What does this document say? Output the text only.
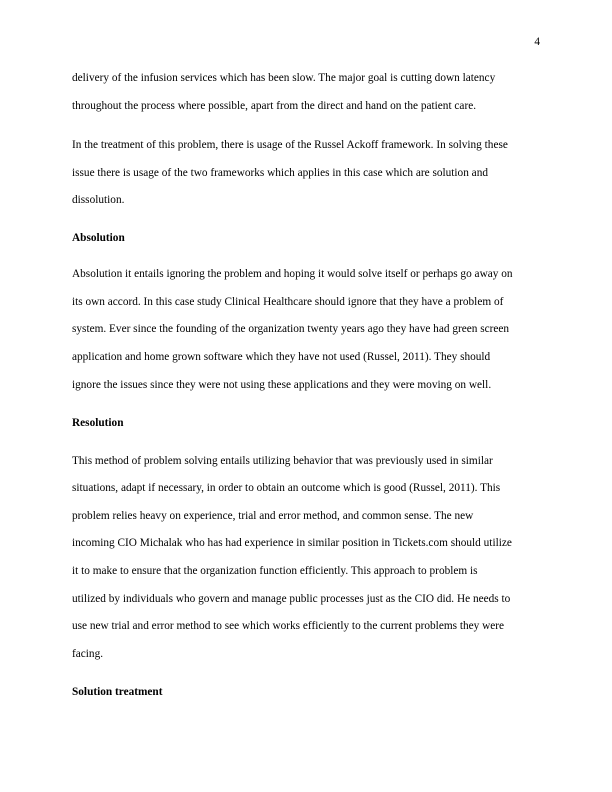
4
delivery of the infusion services which has been slow. The major goal is cutting down latency
throughout the process where possible, apart from the direct and hand on the patient care.
In the treatment of this problem, there is usage of the Russel Ackoff framework. In solving these
issue there is usage of the two frameworks which applies in this case which are solution and
dissolution.
Absolution
Absolution it entails ignoring the problem and hoping it would solve itself or perhaps go away on
its own accord. In this case study Clinical Healthcare should ignore that they have a problem of
system. Ever since the founding of the organization twenty years ago they have had green screen
application and home grown software which they have not used (Russel, 2011). They should
ignore the issues since they were not using these applications and they were moving on well.
Resolution
This method of problem solving entails utilizing behavior that was previously used in similar
situations, adapt if necessary, in order to obtain an outcome which is good (Russel, 2011). This
problem relies heavy on experience, trial and error method, and common sense. The new
incoming CIO Michalak who has had experience in similar position in Tickets.com should utilize
it to make to ensure that the organization function efficiently. This approach to problem is
utilized by individuals who govern and manage public processes just as the CIO did. He needs to
use new trial and error method to see which works efficiently to the current problems they were
facing.
Solution treatment
